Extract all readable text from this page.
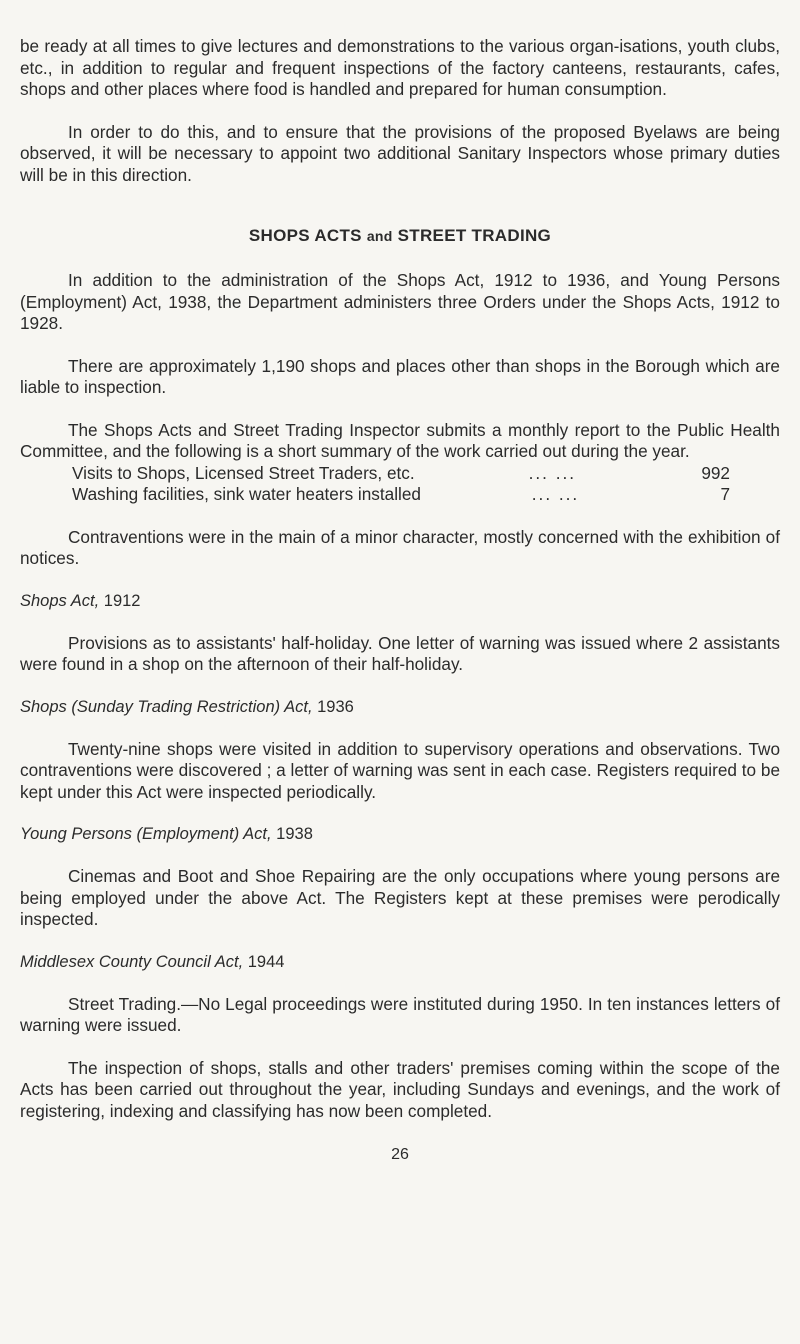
be ready at all times to give lectures and demonstrations to the various organ-isations, youth clubs, etc., in addition to regular and frequent inspections of the factory canteens, restaurants, cafes, shops and other places where food is handled and prepared for human consumption.

In order to do this, and to ensure that the provisions of the proposed Byelaws are being observed, it will be necessary to appoint two additional Sanitary Inspectors whose primary duties will be in this direction.

SHOPS ACTS and STREET TRADING

In addition to the administration of the Shops Act, 1912 to 1936, and Young Persons (Employment) Act, 1938, the Department administers three Orders under the Shops Acts, 1912 to 1928.

There are approximately 1,190 shops and places other than shops in the Borough which are liable to inspection.

The Shops Acts and Street Trading Inspector submits a monthly report to the Public Health Committee, and the following is a short summary of the work carried out during the year.

Visits to Shops, Licensed Street Traders, etc.	... ...	992
Washing facilities, sink water heaters installed	... ...	7

Contraventions were in the main of a minor character, mostly concerned with the exhibition of notices.

Shops Act, 1912

Provisions as to assistants' half-holiday. One letter of warning was issued where 2 assistants were found in a shop on the afternoon of their half-holiday.

Shops (Sunday Trading Restriction) Act, 1936

Twenty-nine shops were visited in addition to supervisory operations and observations. Two contraventions were discovered ; a letter of warning was sent in each case. Registers required to be kept under this Act were inspected periodically.

Young Persons (Employment) Act, 1938

Cinemas and Boot and Shoe Repairing are the only occupations where young persons are being employed under the above Act. The Registers kept at these premises were perodically inspected.

Middlesex County Council Act, 1944

Street Trading.—No Legal proceedings were instituted during 1950. In ten instances letters of warning were issued.

The inspection of shops, stalls and other traders' premises coming within the scope of the Acts has been carried out throughout the year, including Sundays and evenings, and the work of registering, indexing and classifying has now been completed.

26
